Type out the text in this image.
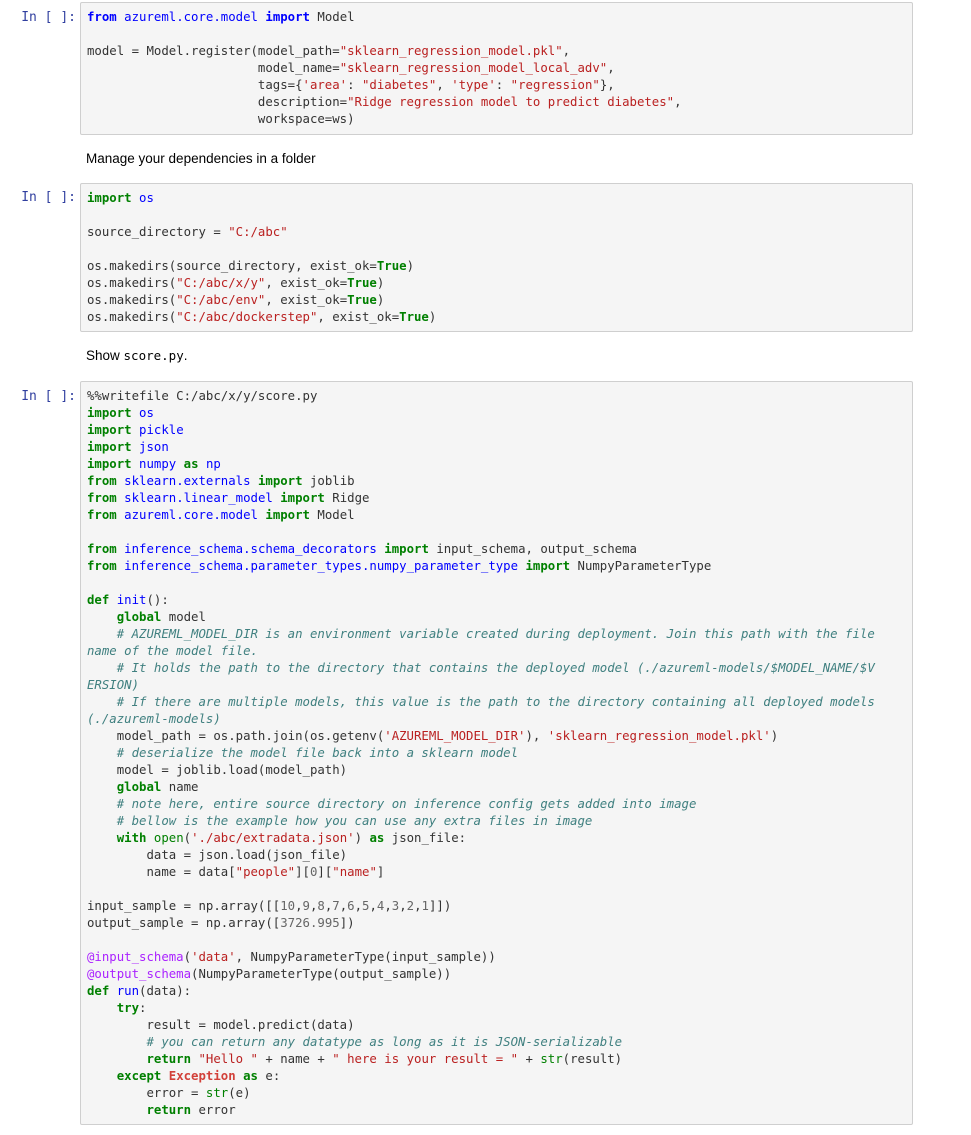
In [ ]: from azureml.core.model import Model

model = Model.register(model_path="sklearn_regression_model.pkl",
model_name="sklearn_regression_model_local_adv",
tags={'area': "diabetes", 'type': "regression"},
description="Ridge regression model to predict diabetes",
workspace=ws)
Manage your dependencies in a folder
In [ ]: import os

source_directory = "C:/abc"

os.makedirs(source_directory, exist_ok=True)
os.makedirs("C:/abc/x/y", exist_ok=True)
os.makedirs("C:/abc/env", exist_ok=True)
os.makedirs("C:/abc/dockerstep", exist_ok=True)
Show score.py.
In [ ]: %%writefile C:/abc/x/y/score.py
import os
import pickle
import json
import numpy as np
from sklearn.externals import joblib
from sklearn.linear_model import Ridge
from azureml.core.model import Model

from inference_schema.schema_decorators import input_schema, output_schema
from inference_schema.parameter_types.numpy_parameter_type import NumpyParameterType

def init():
global model
# AZUREML_MODEL_DIR is an environment variable created during deployment. Join this path with the file
name of the model file.
# It holds the path to the directory that contains the deployed model (./azureml-models/$MODEL_NAME/$V
ERSION)
# If there are multiple models, this value is the path to the directory containing all deployed models
(./azureml-models)
model_path = os.path.join(os.getenv('AZUREML_MODEL_DIR'), 'sklearn_regression_model.pkl')
# deserialize the model file back into a sklearn model
model = joblib.load(model_path)
global name
# note here, entire source directory on inference config gets added into image
# bellow is the example how you can use any extra files in image
with open('./abc/extradata.json') as json_file:
data = json.load(json_file)
name = data["people"][0]["name"]

input_sample = np.array([[10,9,8,7,6,5,4,3,2,1]])
output_sample = np.array([3726.995])

@input_schema('data', NumpyParameterType(input_sample))
@output_schema(NumpyParameterType(output_sample))
def run(data):
try:
result = model.predict(data)
# you can return any datatype as long as it is JSON-serializable
return "Hello " + name + " here is your result = " + str(result)
except Exception as e:
error = str(e)
return error
